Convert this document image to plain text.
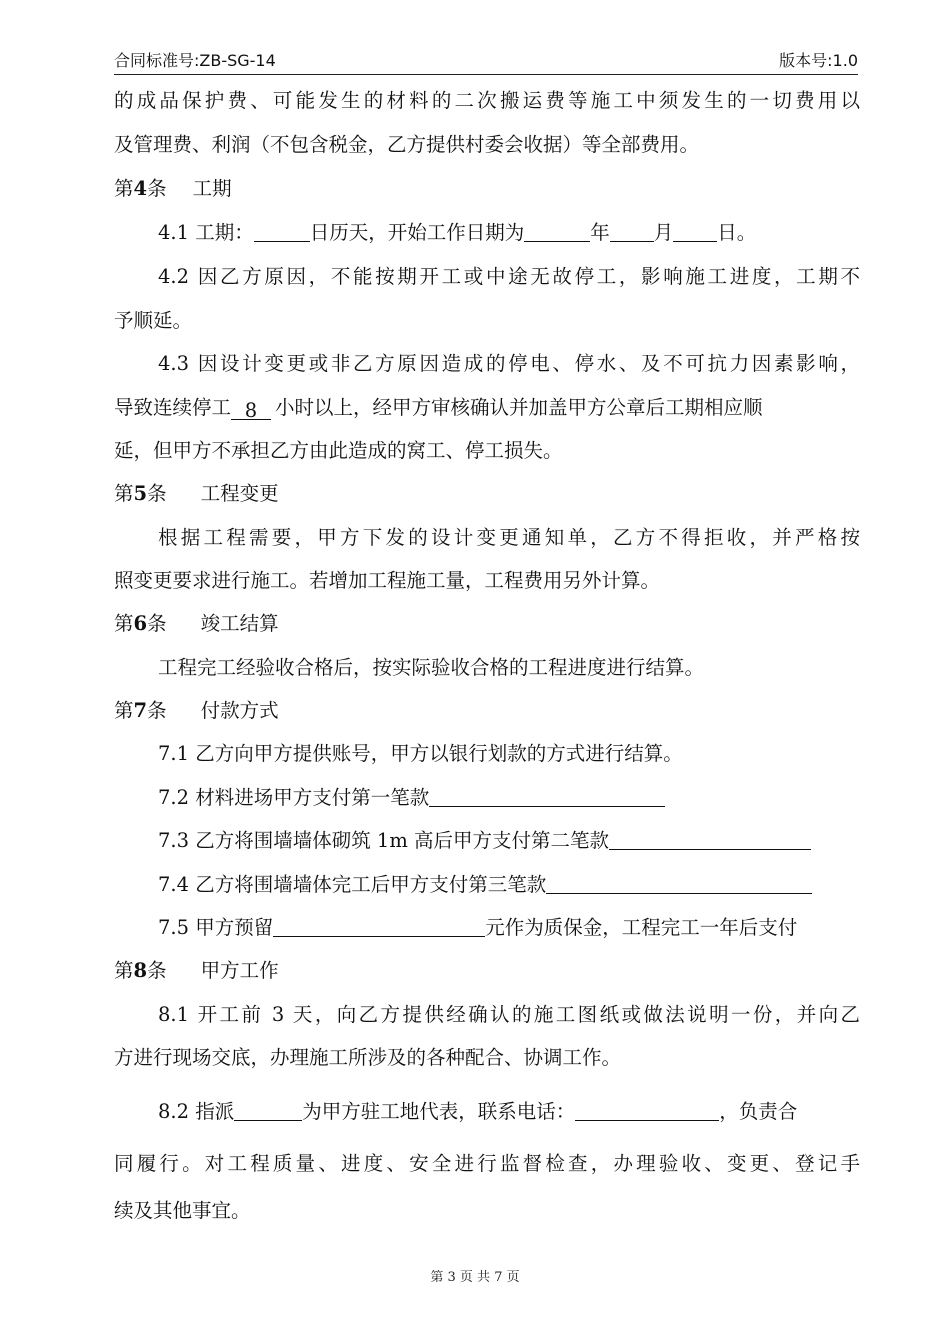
合同标准号:ZB-SG-14	版本号:1.0
的成品保护费、可能发生的材料的二次搬运费等施工中须发生的一切费用以
及管理费、利润（不包含税金，乙方提供村委会收据）等全部费用。
第4条 工期
4.1 工期：	日历天，开始工作日期为	年 月 日。
4.2 因乙方原因，不能按期开工或中途无故停工，影响施工进度，工期不
予顺延。
4.3 因设计变更或非乙方原因造成的停电、停水、及不可抗力因素影响，
导致连续停工 8 小时以上，经甲方审核确认并加盖甲方公章后工期相应顺
延，但甲方不承担乙方由此造成的窝工、停工损失。
第5条 工程变更
根据工程需要，甲方下发的设计变更通知单，乙方不得拒收，并严格按
照变更要求进行施工。若增加工程施工量，工程费用另外计算。
第6条 竣工结算
工程完工经验收合格后，按实际验收合格的工程进度进行结算。
第7条 付款方式
7.1 乙方向甲方提供账号，甲方以银行划款的方式进行结算。
7.2 材料进场甲方支付第一笔款
7.3 乙方将围墙墙体砌筑 1m 高后甲方支付第二笔款
7.4 乙方将围墙墙体完工后甲方支付第三笔款
7.5 甲方预留	元作为质保金，工程完工一年后支付
第8条 甲方工作
8.1 开工前 3 天，向乙方提供经确认的施工图纸或做法说明一份，并向乙
方进行现场交底，办理施工所涉及的各种配合、协调工作。
8.2 指派	为甲方驻工地代表，联系电话：	，负责合
同履行。对工程质量、进度、安全进行监督检查，办理验收、变更、登记手
续及其他事宜。
第 3 页 共 7 页
